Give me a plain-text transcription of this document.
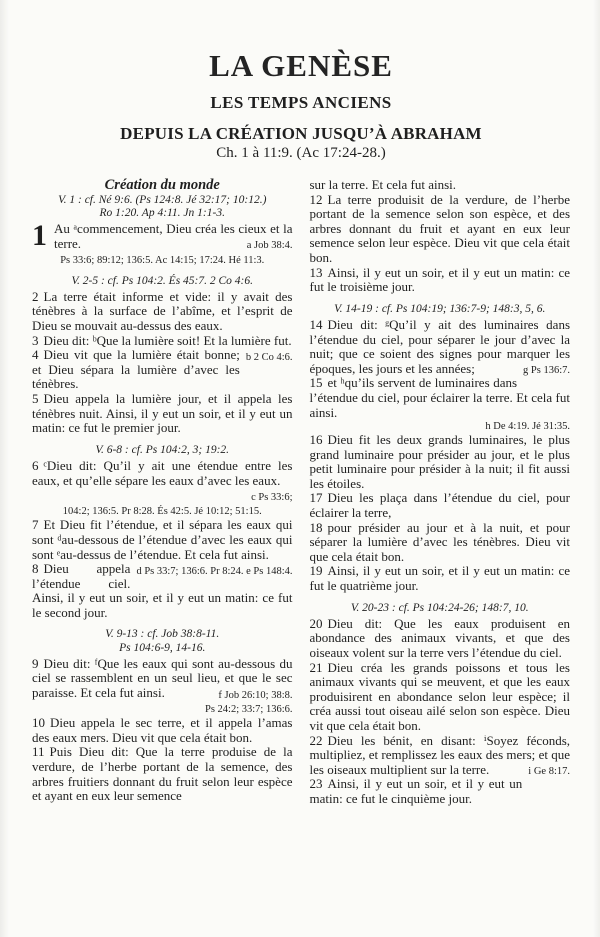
LA GENÈSE
LES TEMPS ANCIENS
DEPUIS LA CRÉATION JUSQU’À ABRAHAM
Ch. 1 à 11:9. (Ac 17:24-28.)
Création du monde
V. 1 : cf. Né 9:6. (Ps 124:8. Jé 32:17; 10:12.)
Ro 1:20. Ap 4:11. Jn 1:1-3.

1 Au ᵃcommencement, Dieu créa les cieux et la terre.	a Job 38:4.

Ps 33:6; 89:12; 136:5. Ac 14:15; 17:24. Hé 11:3.
V. 2-5 : cf. Ps 104:2. És 45:7. 2 Co 4:6.

2 La terre était informe et vide: il y avait des ténèbres à la surface de l’abîme, et l’esprit de Dieu se mouvait au-dessus des eaux.

3 Dieu dit: ᵇQue la lumière soit! Et la lumière fut.
b 2 Co 4:6.

4 Dieu vit que la lumière était bonne; et Dieu sépara la lumière d’avec les ténèbres.

5 Dieu appela la lumière jour, et il appela les ténèbres nuit. Ainsi, il y eut un soir, et il y eut un matin: ce fut le premier jour.

V. 6-8 : cf. Ps 104:2, 3; 19:2.

6 ᶜDieu dit: Qu’il y ait une étendue entre les eaux, et qu’elle sépare les eaux d’avec les eaux.
c Ps 33:6;

104:2; 136:5. Pr 8:28. És 42:5. Jé 10:12; 51:15.

7 Et Dieu fit l’étendue, et il sépara les eaux qui sont ᵈau-dessous de l’étendue d’avec les eaux qui sont ᵉau-dessus de l’étendue. Et cela fut ainsi.
d Ps 33:7; 136:6. Pr 8:24. e Ps 148:4.

8 Dieu appela l’étendue ciel. Ainsi, il y eut un soir, et il y eut un matin: ce fut le second jour.

V. 9-13 : cf. Job 38:8-11.
Ps 104:6-9, 14-16.

9 Dieu dit: ᶠQue les eaux qui sont au-dessous du ciel se rassemblent en un seul lieu, et que le sec paraisse. Et cela fut ainsi.	f Job 26:10; 38:8.

Ps 24:2; 33:7; 136:6.

10 Dieu appela le sec terre, et il appela l’amas des eaux mers. Dieu vit que cela était bon.

11 Puis Dieu dit: Que la terre produise de la verdure, de l’herbe portant de la semence, des arbres fruitiers donnant du fruit selon leur espèce et ayant en eux leur semence

sur la terre. Et cela fut ainsi.

12 La terre produisit de la verdure, de l’herbe portant de la semence selon son espèce, et des arbres donnant du fruit et ayant en eux leur semence selon leur espèce. Dieu vit que cela était bon.

13 Ainsi, il y eut un soir, et il y eut un matin: ce fut le troisième jour.

V. 14-19 : cf. Ps 104:19; 136:7-9; 148:3, 5, 6.

14 Dieu dit: ᵍQu’il y ait des luminaires dans l’étendue du ciel, pour séparer le jour d’avec la nuit; que ce soient des signes pour marquer les époques, les jours et les années;	g Ps 136:7.

15 et ʰqu’ils servent de luminaires dans l’étendue du ciel, pour éclairer la terre. Et cela fut ainsi.

h De 4:19. Jé 31:35.

16 Dieu fit les deux grands luminaires, le plus grand luminaire pour présider au jour, et le plus petit luminaire pour présider à la nuit; il fit aussi les étoiles.

17 Dieu les plaça dans l’étendue du ciel, pour éclairer la terre,

18 pour présider au jour et à la nuit, et pour séparer la lumière d’avec les ténèbres. Dieu vit que cela était bon.

19 Ainsi, il y eut un soir, et il y eut un matin: ce fut le quatrième jour.

V. 20-23 : cf. Ps 104:24-26; 148:7, 10.

20 Dieu dit: Que les eaux produisent en abondance des animaux vivants, et que des oiseaux volent sur la terre vers l’étendue du ciel.

21 Dieu créa les grands poissons et tous les animaux vivants qui se meuvent, et que les eaux produisirent en abondance selon leur espèce; il créa aussi tout oiseau ailé selon son espèce. Dieu vit que cela était bon.

22 Dieu les bénit, en disant: ⁱSoyez féconds, multipliez, et remplissez les eaux des mers; et que les oiseaux multiplient sur la terre.	i Ge 8:17.

23 Ainsi, il y eut un soir, et il y eut un matin: ce fut le cinquième jour.
